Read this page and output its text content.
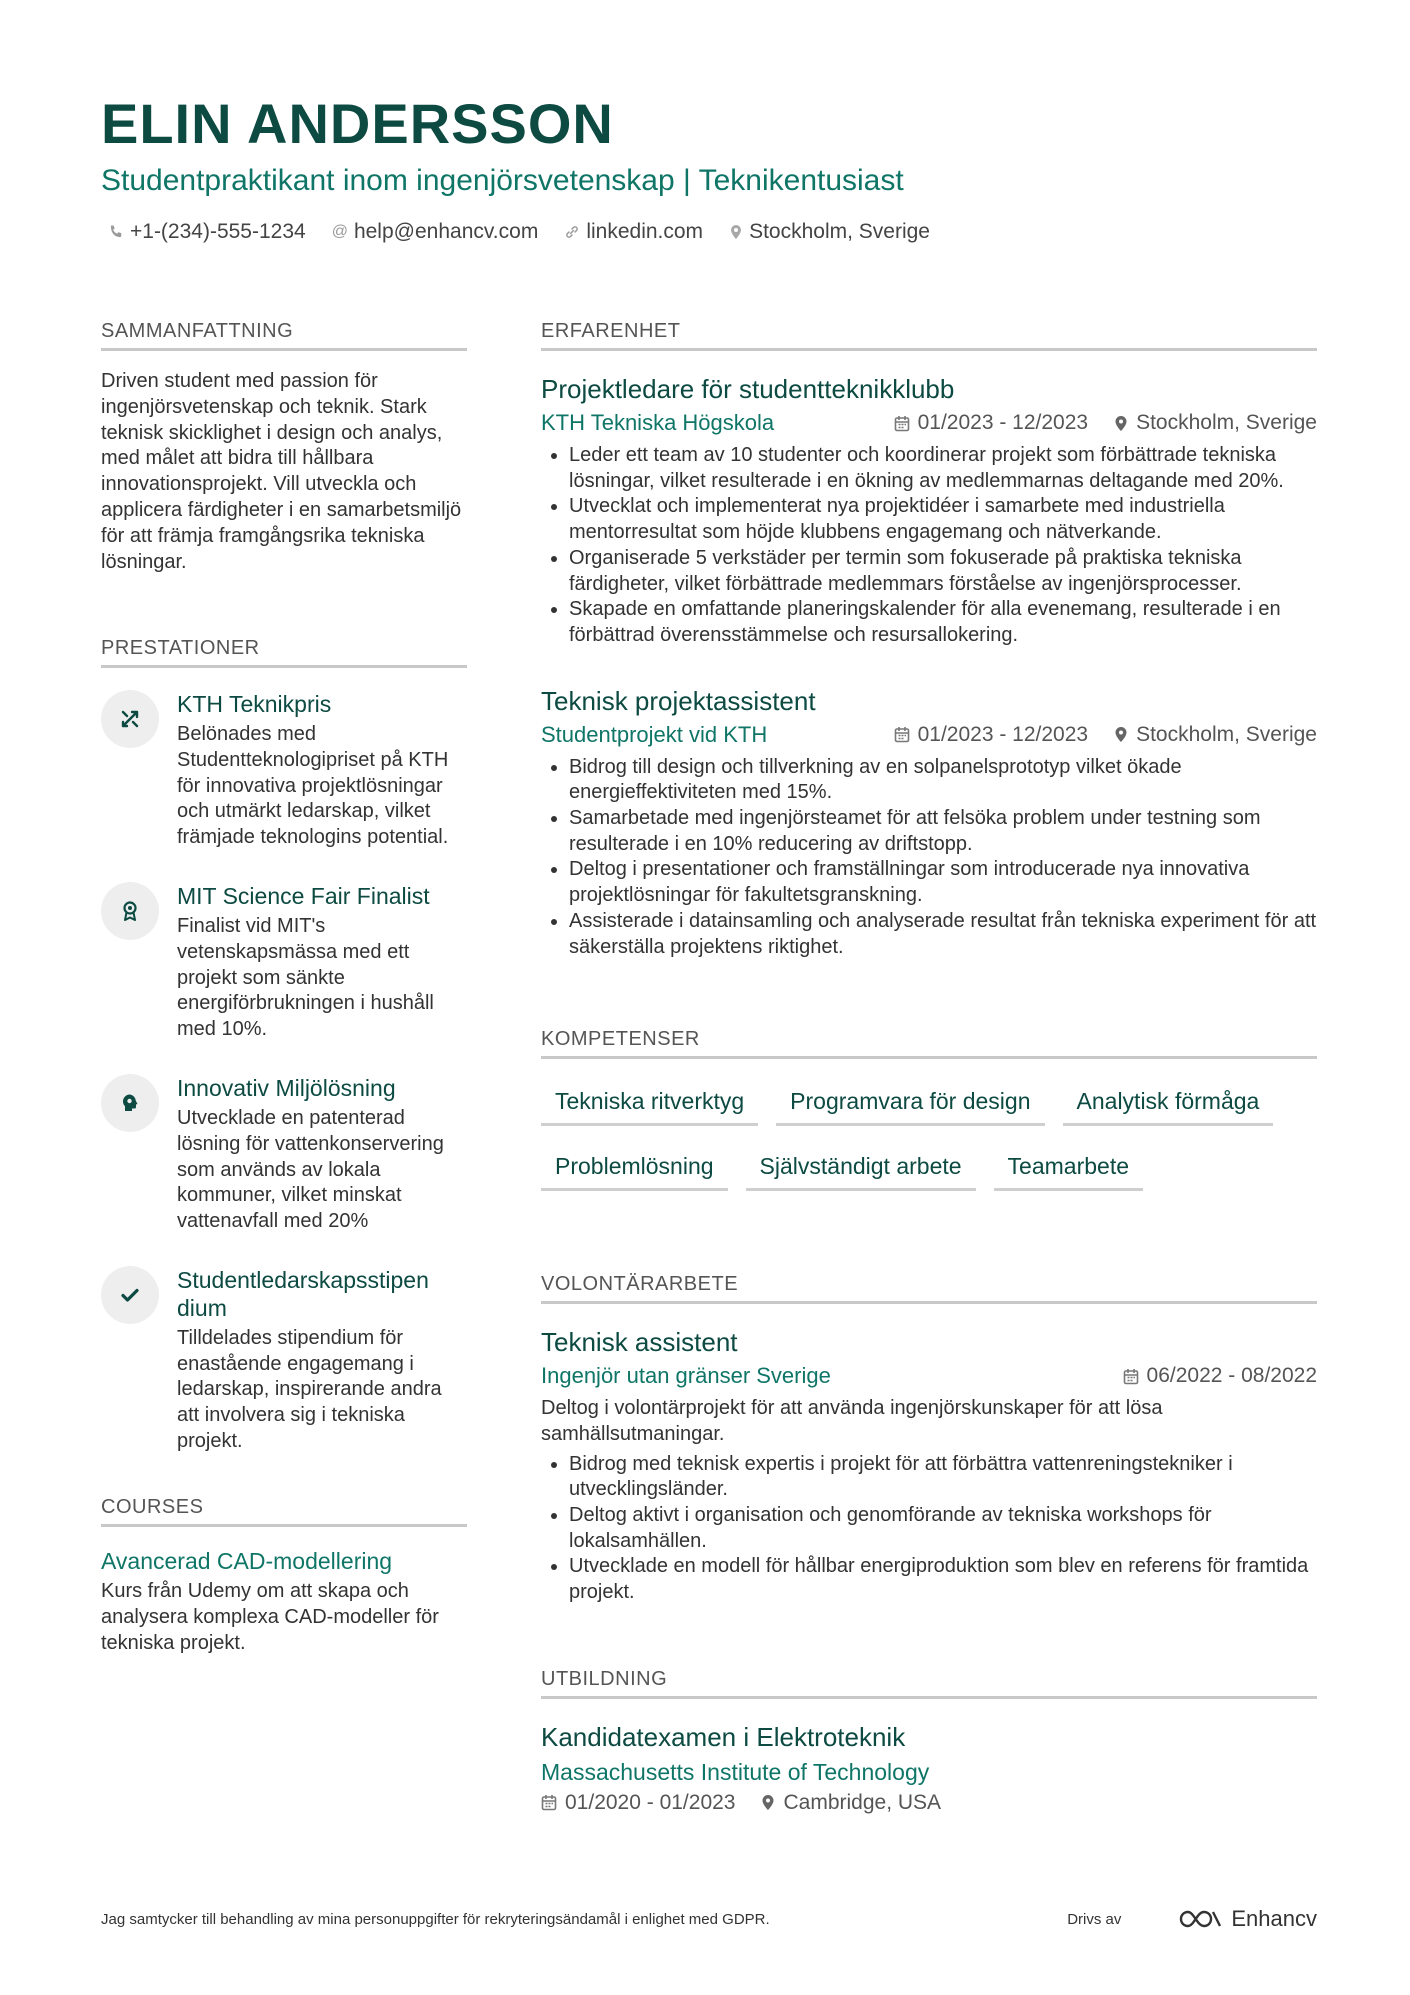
ELIN ANDERSSON
Studentpraktikant inom ingenjörsvetenskap | Teknikentusiast
+1-(234)-555-1234 @ help@enhancv.com linkedin.com Stockholm, Sverige
SAMMANFATTNING
Driven student med passion för ingenjörsvetenskap och teknik. Stark teknisk skicklighet i design och analys, med målet att bidra till hållbara innovationsprojekt. Vill utveckla och applicera färdigheter i en samarbetsmiljö för att främja framgångsrika tekniska lösningar.
PRESTATIONER
KTH Teknikpris
Belönades med Studentteknologipriset på KTH för innovativa projektlösningar och utmärkt ledarskap, vilket främjade teknologins potential.
MIT Science Fair Finalist
Finalist vid MIT's vetenskapsmässa med ett projekt som sänkte energiförbrukningen i hushåll med 10%.
Innovativ Miljölösning
Utvecklade en patenterad lösning för vattenkonservering som används av lokala kommuner, vilket minskat vattenavfall med 20%
Studentledarskapsstipen dium
Tilldelades stipendium för enastående engagemang i ledarskap, inspirerande andra att involvera sig i tekniska projekt.
COURSES
Avancerad CAD-modellering
Kurs från Udemy om att skapa och analysera komplexa CAD-modeller för tekniska projekt.
ERFARENHET
Projektledare för studentteknikklubb
KTH Tekniska Högskola	01/2023 - 12/2023 Stockholm, Sverige
• Leder ett team av 10 studenter och koordinerar projekt som förbättrade tekniska lösningar, vilket resulterade i en ökning av medlemmarnas deltagande med 20%.
• Utvecklat och implementerat nya projektidéer i samarbete med industriella mentorresultat som höjde klubbens engagemang och nätverkande.
• Organiserade 5 verkstäder per termin som fokuserade på praktiska tekniska färdigheter, vilket förbättrade medlemmars förståelse av ingenjörsprocesser.
• Skapade en omfattande planeringskalender för alla evenemang, resulterade i en förbättrad överensstämmelse och resursallokering.
Teknisk projektassistent
Studentprojekt vid KTH	01/2023 - 12/2023 Stockholm, Sverige
• Bidrog till design och tillverkning av en solpanelsprototyp vilket ökade energieffektiviteten med 15%.
• Samarbetade med ingenjörsteamet för att felsöka problem under testning som resulterade i en 10% reducering av driftstopp.
• Deltog i presentationer och framställningar som introducerade nya innovativa projektlösningar för fakultetsgranskning.
• Assisterade i datainsamling och analyserade resultat från tekniska experiment för att säkerställa projektens riktighet.
KOMPETENSER
Tekniska ritverktyg	Programvara för design	Analytisk förmåga
Problemlösning	Självständigt arbete	Teamarbete
VOLONTÄRARBETE
Teknisk assistent
Ingenjör utan gränser Sverige	06/2022 - 08/2022
Deltog i volontärprojekt för att använda ingenjörskunskaper för att lösa samhällsutmaningar.
• Bidrog med teknisk expertis i projekt för att förbättra vattenreningstekniker i utvecklingsländer.
• Deltog aktivt i organisation och genomförande av tekniska workshops för lokalsamhällen.
• Utvecklade en modell för hållbar energiproduktion som blev en referens för framtida projekt.
UTBILDNING
Kandidatexamen i Elektroteknik
Massachusetts Institute of Technology
01/2020 - 01/2023 Cambridge, USA
Jag samtycker till behandling av mina personuppgifter för rekryteringsändamål i enlighet med GDPR.	Drivs av	Enhancv
